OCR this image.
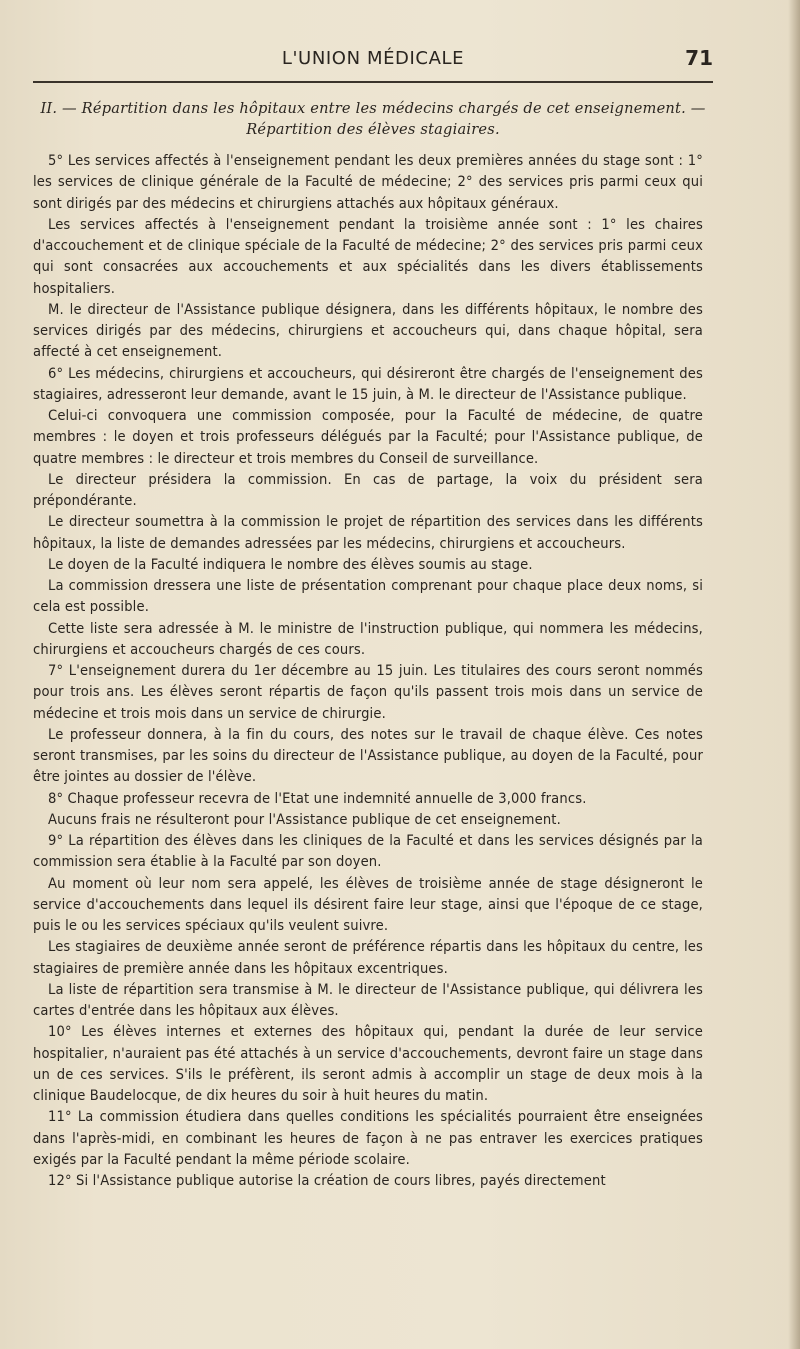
L'UNION MÉDICALE	71
II. — Répartition dans les hôpitaux entre les médecins chargés de cet enseignement. —
Répartition des élèves stagiaires.

5° Les services affectés à l'enseignement pendant les deux premières années du stage sont : 1° les services de clinique générale de la Faculté de médecine; 2° des services pris parmi ceux qui sont dirigés par des médecins et chirurgiens attachés aux hôpitaux généraux.

Les services affectés à l'enseignement pendant la troisième année sont : 1° les chaires d'accouchement et de clinique spéciale de la Faculté de médecine; 2° des services pris parmi ceux qui sont consacrées aux accouchements et aux spécialités dans les divers établissements hospitaliers.

M. le directeur de l'Assistance publique désignera, dans les différents hôpitaux, le nombre des services dirigés par des médecins, chirurgiens et accoucheurs qui, dans chaque hôpital, sera affecté à cet enseignement.

6° Les médecins, chirurgiens et accoucheurs, qui désireront être chargés de l'enseignement des stagiaires, adresseront leur demande, avant le 15 juin, à M. le directeur de l'Assistance publique.

Celui-ci convoquera une commission composée, pour la Faculté de médecine, de quatre membres : le doyen et trois professeurs délégués par la Faculté; pour l'Assistance publique, de quatre membres : le directeur et trois membres du Conseil de surveillance.

Le directeur présidera la commission. En cas de partage, la voix du président sera prépondérante.

Le directeur soumettra à la commission le projet de répartition des services dans les différents hôpitaux, la liste de demandes adressées par les médecins, chirurgiens et accoucheurs.

Le doyen de la Faculté indiquera le nombre des élèves soumis au stage.

La commission dressera une liste de présentation comprenant pour chaque place deux noms, si cela est possible.

Cette liste sera adressée à M. le ministre de l'instruction publique, qui nommera les médecins, chirurgiens et accoucheurs chargés de ces cours.

7° L'enseignement durera du 1er décembre au 15 juin. Les titulaires des cours seront nommés pour trois ans. Les élèves seront répartis de façon qu'ils passent trois mois dans un service de médecine et trois mois dans un service de chirurgie.

Le professeur donnera, à la fin du cours, des notes sur le travail de chaque élève. Ces notes seront transmises, par les soins du directeur de l'Assistance publique, au doyen de la Faculté, pour être jointes au dossier de l'élève.

8° Chaque professeur recevra de l'Etat une indemnité annuelle de 3,000 francs.

Aucuns frais ne résulteront pour l'Assistance publique de cet enseignement.

9° La répartition des élèves dans les cliniques de la Faculté et dans les services désignés par la commission sera établie à la Faculté par son doyen.

Au moment où leur nom sera appelé, les élèves de troisième année de stage désigneront le service d'accouchements dans lequel ils désirent faire leur stage, ainsi que l'époque de ce stage, puis le ou les services spéciaux qu'ils veulent suivre.

Les stagiaires de deuxième année seront de préférence répartis dans les hôpitaux du centre, les stagiaires de première année dans les hôpitaux excentriques.

La liste de répartition sera transmise à M. le directeur de l'Assistance publique, qui délivrera les cartes d'entrée dans les hôpitaux aux élèves.

10° Les élèves internes et externes des hôpitaux qui, pendant la durée de leur service hospitalier, n'auraient pas été attachés à un service d'accouchements, devront faire un stage dans un de ces services. S'ils le préfèrent, ils seront admis à accomplir un stage de deux mois à la clinique Baudelocque, de dix heures du soir à huit heures du matin.

11° La commission étudiera dans quelles conditions les spécialités pourraient être enseignées dans l'après-midi, en combinant les heures de façon à ne pas entraver les exercices pratiques exigés par la Faculté pendant la même période scolaire.

12° Si l'Assistance publique autorise la création de cours libres, payés directement
